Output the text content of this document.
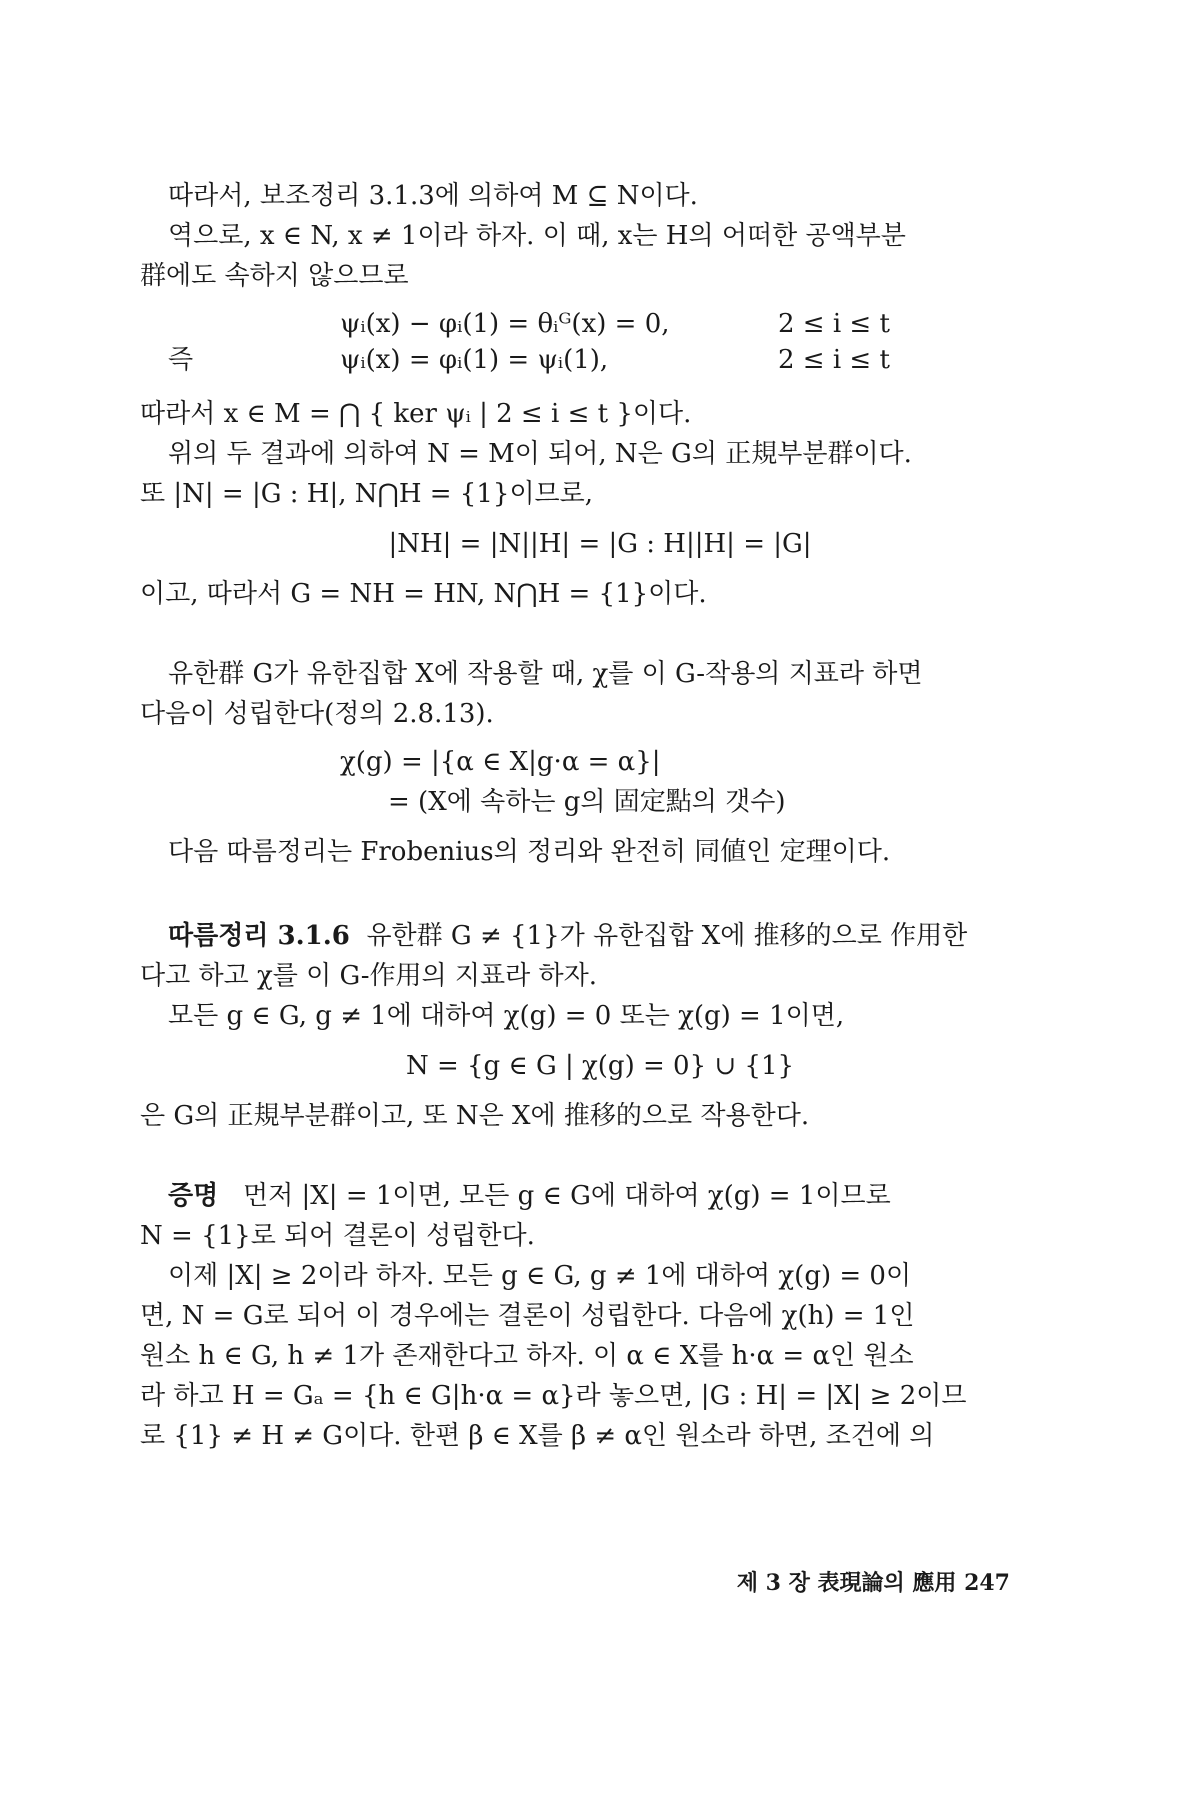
따라서, 보조정리 3.1.3에 의하여 M ⊆ N이다.
역으로, x ∈ N, x ≠ 1이라 하자. 이 때, x는 H의 어떠한 공액부분
群에도 속하지 않으므로
ψᵢ(x) − φᵢ(1) = θᵢᴳ(x) = 0,	2 ≤ i ≤ t
즉	ψᵢ(x) = φᵢ(1) = ψᵢ(1),	2 ≤ i ≤ t
따라서 x ∈ M = ⋂ { ker ψᵢ | 2 ≤ i ≤ t }이다.
위의 두 결과에 의하여 N = M이 되어, N은 G의 正規부분群이다.
또 |N| = |G : H|, N⋂H = {1}이므로,
|NH| = |N||H| = |G : H||H| = |G|
이고, 따라서 G = NH = HN, N⋂H = {1}이다.
유한群 G가 유한집합 X에 작용할 때, χ를 이 G-작용의 지표라 하면
다음이 성립한다(정의 2.8.13).
χ(g) = |{α ∈ X|g·α = α}|
= (X에 속하는 g의 固定點의 갯수)
다음 따름정리는 Frobenius의 정리와 완전히 同値인 定理이다.
따름정리 3.1.6 유한群 G ≠ {1}가 유한집합 X에 推移的으로 作用한
다고 하고 χ를 이 G-作用의 지표라 하자.
모든 g ∈ G, g ≠ 1에 대하여 χ(g) = 0 또는 χ(g) = 1이면,
N = {g ∈ G | χ(g) = 0} ∪ {1}
은 G의 正規부분群이고, 또 N은 X에 推移的으로 작용한다.
증명 먼저 |X| = 1이면, 모든 g ∈ G에 대하여 χ(g) = 1이므로
N = {1}로 되어 결론이 성립한다.
이제 |X| ≥ 2이라 하자. 모든 g ∈ G, g ≠ 1에 대하여 χ(g) = 0이
면, N = G로 되어 이 경우에는 결론이 성립한다. 다음에 χ(h) = 1인
원소 h ∈ G, h ≠ 1가 존재한다고 하자. 이 α ∈ X를 h·α = α인 원소
라 하고 H = Gₐ = {h ∈ G|h·α = α}라 놓으면, |G : H| = |X| ≥ 2이므
로 {1} ≠ H ≠ G이다. 한편 β ∈ X를 β ≠ α인 원소라 하면, 조건에 의
제 3 장 表現論의 應用 247
